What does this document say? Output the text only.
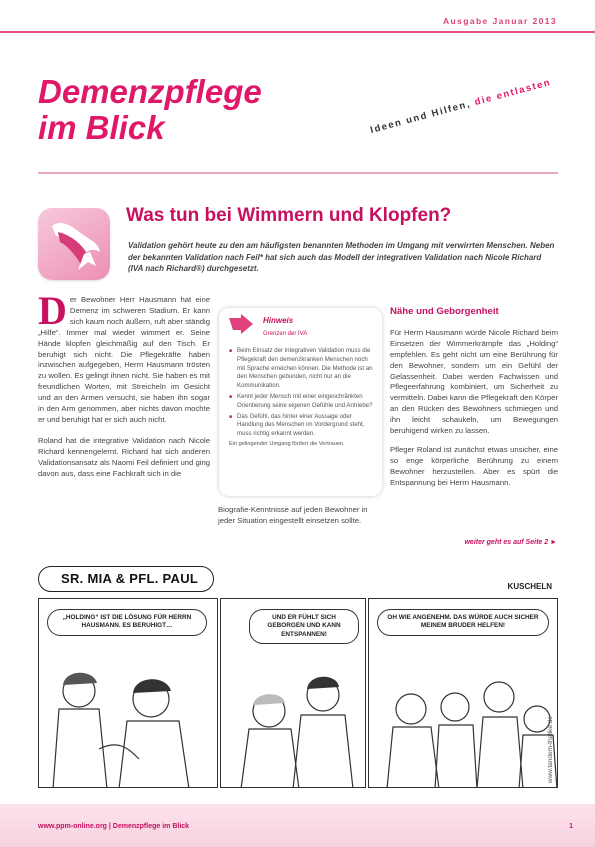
Ausgabe Januar 2013
Demenzpflege
im Blick	Ideen und Hilfen, die entlasten
Was tun bei Wimmern und Klopfen?

Validation gehört heute zu den am häufigsten benannten Methoden im Umgang mit verwirrten Menschen. Neben der bekannten Validation nach Feil* hat sich auch das Modell der integrativen Validation nach Nicole Richard (IVA nach Richard®) durchgesetzt.

Der Bewohner Herr Hausmann hat eine Demenz im schweren Stadium. Er kann sich kaum noch äußern, ruft aber ständig „Hilfe“. Immer mal wieder wimmert er. Seine Hände klopfen gleichmäßig auf den Tisch. Er beruhigt sich nicht. Die Pflegekräfte haben inzwischen aufgegeben, Herrn Hausmann trösten zu wollen. Es gelingt ihnen nicht. Sie haben es mit freundlichen Worten, mit Streicheln im Gesicht und an den Armen versucht, sie haben ihn sogar in den Arm genommen, aber nichts davon mochte er und beruhigt hat er sich auch nicht.

Roland hat die integrative Validation nach Nicole Richard kennengelernt. Richard hat sich anderen Validationsansatz als Naomi Feil definiert und ging davon aus, dass eine Fachkraft sich in die

Hinweis
Grenzen der IVA
■ Beim Einsatz der integrativen Validation muss die Pflegekraft den demenzkranken Menschen noch mit Sprache erreichen können. Die Methode ist an den Menschen gebunden, nicht nur an die Kommunikation.
■ Kennt jeder Mensch mit einer eingeschränkten Orientierung seine eigenen Gefühle und Antriebe?
■ Das Gefühl, das hinter einer Aussage oder Handlung des Menschen im Vordergrund steht, muss richtig erkannt werden.
Ein gelingender Umgang fördert die Vertrauen.

Biografie-Kenntnisse auf jeden Bewohner in jeder Situation eingestellt einsetzen sollte.

Nähe und Geborgenheit

Für Herrn Hausmann würde Nicole Richard beim Einsetzen der Wimmerkrämpfe das „Holding“ empfehlen. Es geht nicht um eine Berührung für den Bewohner, sondern um ein Gefühl der Gelassenheit. Dabei werden Fachwissen und Pflegeerfahrung kombiniert, um Sicherheit zu vermitteln. Dabei kann die Pflegekraft den Körper an den Rücken des Bewohners schmiegen und ihn leicht schaukeln, um Bewegungen beruhigend wirken zu lassen.

Pfleger Roland ist zunächst etwas unsicher, eine so enge körperliche Berührung zu einem Bewohner herzustellen. Aber es spürt die Entspannung bei Herrn Hausmann.

weiter geht es auf Seite 2 ►
SR. MIA & PFL. PAUL
KUSCHELN
„HOLDING“ IST DIE LÖSUNG FÜR HERRN HAUSMANN. ES BERUHIGT…
UND ER FÜHLT SICH GEBORGEN UND KANN ENTSPANNEN!
OH WIE ANGENEHM. DAS WÜRDE AUCH SICHER MEINEM BRUDER HELFEN!
www.tandem-thalike.de
www.ppm-online.org | Demenzpflege im Blick	1
